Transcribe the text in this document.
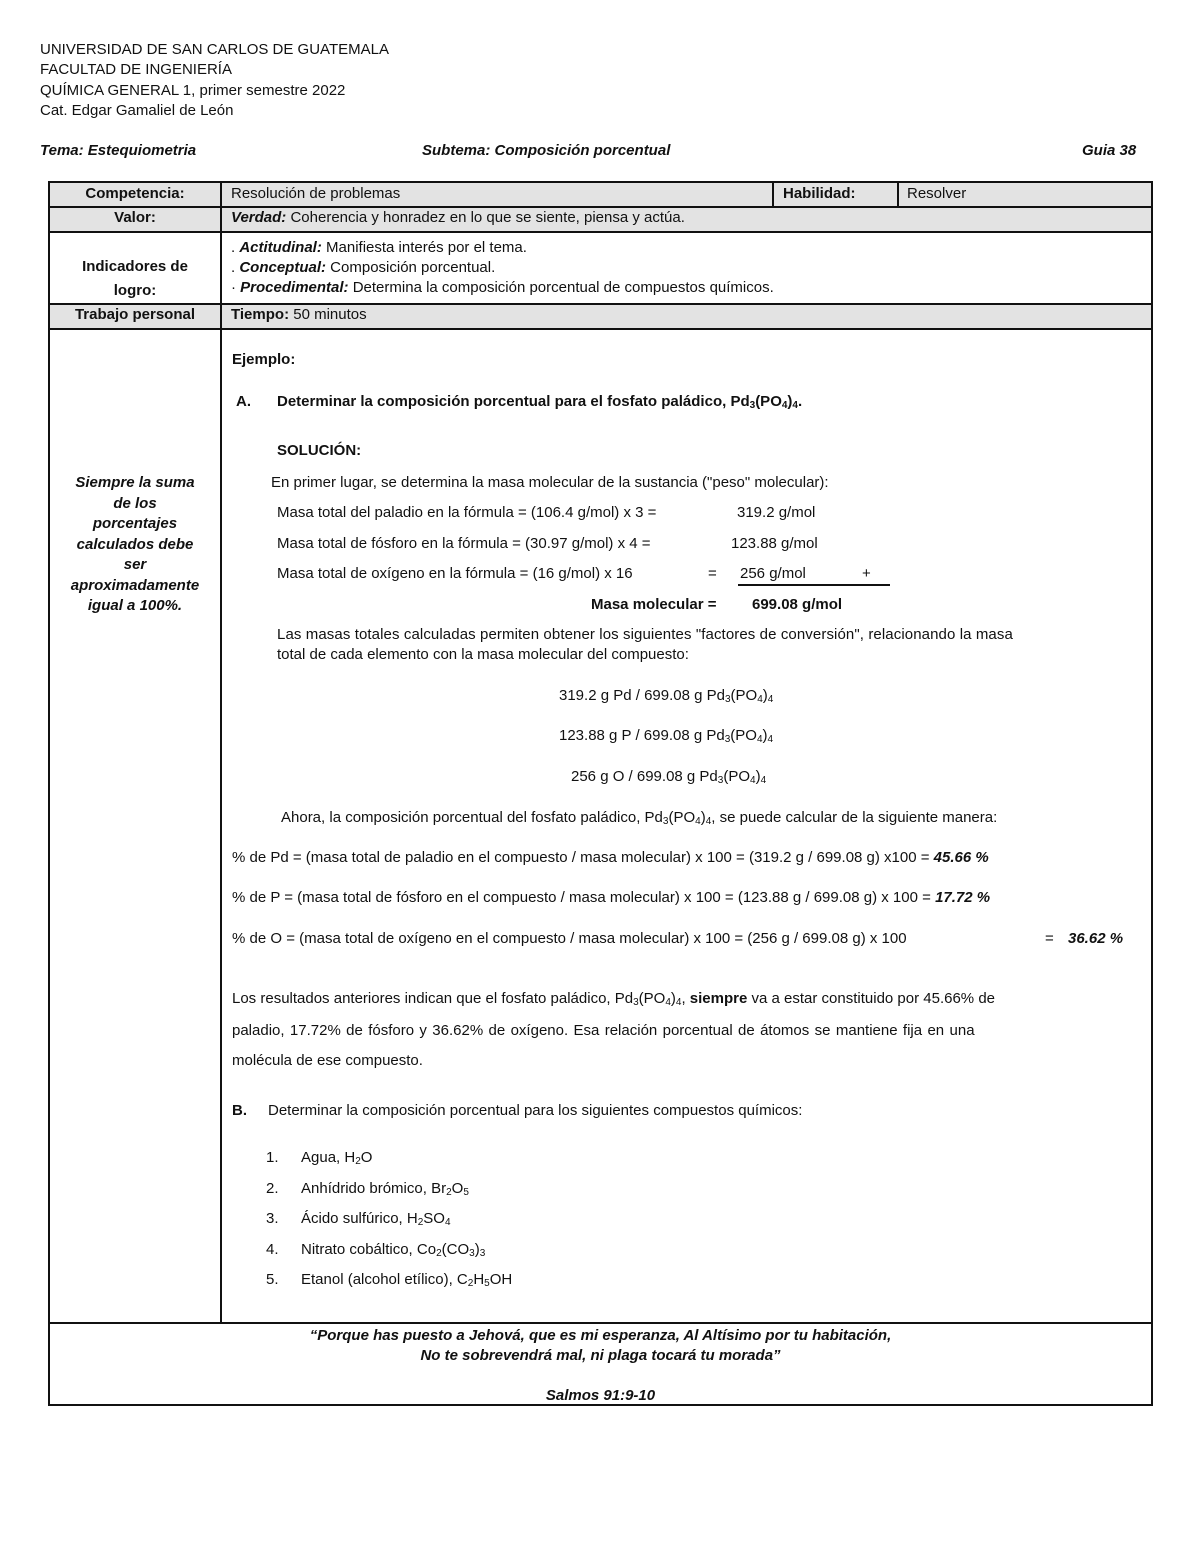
UNIVERSIDAD DE SAN CARLOS DE GUATEMALA
FACULTAD DE INGENIERÍA
QUÍMICA GENERAL 1, primer semestre 2022
Cat. Edgar Gamaliel de León
Tema: Estequiometria	Subtema: Composición porcentual	Guia 38
Competencia:	Resolución de problemas	Habilidad:	Resolver
Valor:	Verdad: Coherencia y honradez en lo que se siente, piensa y actúa.
Indicadores de
logro:
. Actitudinal: Manifiesta interés por el tema.
. Conceptual: Composición porcentual.
· Procedimental: Determina la composición porcentual de compuestos químicos.
Trabajo personal	Tiempo: 50 minutos
Siempre la suma
de los
porcentajes
calculados debe
ser
aproximadamente
igual a 100%.
Ejemplo:
A. Determinar la composición porcentual para el fosfato paládico, $Pd_3(PO_4)_4$.
SOLUCIÓN:
En primer lugar, se determina la masa molecular de la sustancia ("peso" molecular):
Masa total del paladio en la fórmula = (106.4 g/mol) x 3 =	319.2 g/mol
Masa total de fósforo en la fórmula = (30.97 g/mol) x 4 =	123.88 g/mol
Masa total de oxígeno en la fórmula = (16 g/mol) x 16	= 256 g/mol	+
Masa molecular = 699.08 g/mol
Las masas totales calculadas permiten obtener los siguientes "factores de conversión", relacionando la masa
total de cada elemento con la masa molecular del compuesto:
319.2 g Pd / 699.08 g $Pd_3(PO_4)_4$
123.88 g P / 699.08 g $Pd_3(PO_4)_4$
256 g O / 699.08 g $Pd_3(PO_4)_4$
Ahora, la composición porcentual del fosfato paládico, $Pd_3(PO_4)_4$, se puede calcular de la siguiente manera:
% de Pd = (masa total de paladio en el compuesto / masa molecular) x 100 = (319.2 g / 699.08 g) x100 = 45.66 %
% de P = (masa total de fósforo en el compuesto / masa molecular) x 100 = (123.88 g / 699.08 g) x 100 = 17.72 %
% de O = (masa total de oxígeno en el compuesto / masa molecular) x 100 = (256 g / 699.08 g) x 100	= 36.62 %
Los resultados anteriores indican que el fosfato paládico, $Pd_3(PO_4)_4$, siempre va a estar constituido por 45.66% de
paladio, 17.72% de fósforo y 36.62% de oxígeno. Esa relación porcentual de átomos se mantiene fija en una
molécula de ese compuesto.
B. Determinar la composición porcentual para los siguientes compuestos químicos:
1. Agua, $H_2O$
2. Anhídrido brómico, $Br_2O_5$
3. Ácido sulfúrico, $H_2SO_4$
4. Nitrato cobáltico, $Co_2(CO_3)_3$
5. Etanol (alcohol etílico), $C_2H_5OH$
“Porque has puesto a Jehová, que es mi esperanza, Al Altísimo por tu habitación,
No te sobrevendrá mal, ni plaga tocará tu morada”
Salmos 91:9-10
